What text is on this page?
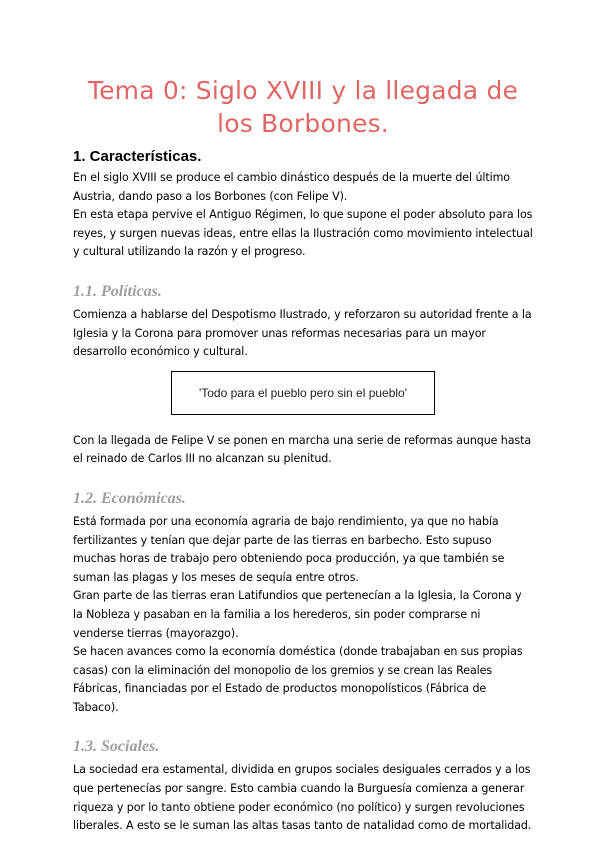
Tema 0: Siglo XVIII y la llegada de los Borbones.
1. Características.

En el siglo XVIII se produce el cambio dinástico después de la muerte del último Austria, dando paso a los Borbones (con Felipe V).

En esta etapa pervive el Antiguo Régimen, lo que supone el poder absoluto para los reyes, y surgen nuevas ideas, entre ellas la Ilustración como movimiento intelectual y cultural utilizando la razón y el progreso.

1.1. Políticas.

Comienza a hablarse del Despotismo Ilustrado, y reforzaron su autoridad frente a la Iglesia y la Corona para promover unas reformas necesarias para un mayor desarrollo económico y cultural.

'Todo para el pueblo pero sin el pueblo'

Con la llegada de Felipe V se ponen en marcha una serie de reformas aunque hasta el reinado de Carlos III no alcanzan su plenitud.

1.2. Económicas.

Está formada por una economía agraria de bajo rendimiento, ya que no había fertilizantes y tenían que dejar parte de las tierras en barbecho. Esto supuso muchas horas de trabajo pero obteniendo poca producción, ya que también se suman las plagas y los meses de sequía entre otros.

Gran parte de las tierras eran Latifundios que pertenecían a la Iglesia, la Corona y la Nobleza y pasaban en la familia a los herederos, sin poder comprarse ni venderse tierras (mayorazgo).

Se hacen avances como la economía doméstica (donde trabajaban en sus propias casas) con la eliminación del monopolio de los gremios y se crean las Reales Fábricas, financiadas por el Estado de productos monopolísticos (Fábrica de Tabaco).

1.3. Sociales.

La sociedad era estamental, dividida en grupos sociales desiguales cerrados y a los que pertenecías por sangre. Esto cambia cuando la Burguesía comienza a generar riqueza y por lo tanto obtiene poder económico (no político) y surgen revoluciones liberales. A esto se le suman las altas tasas tanto de natalidad como de mortalidad.
